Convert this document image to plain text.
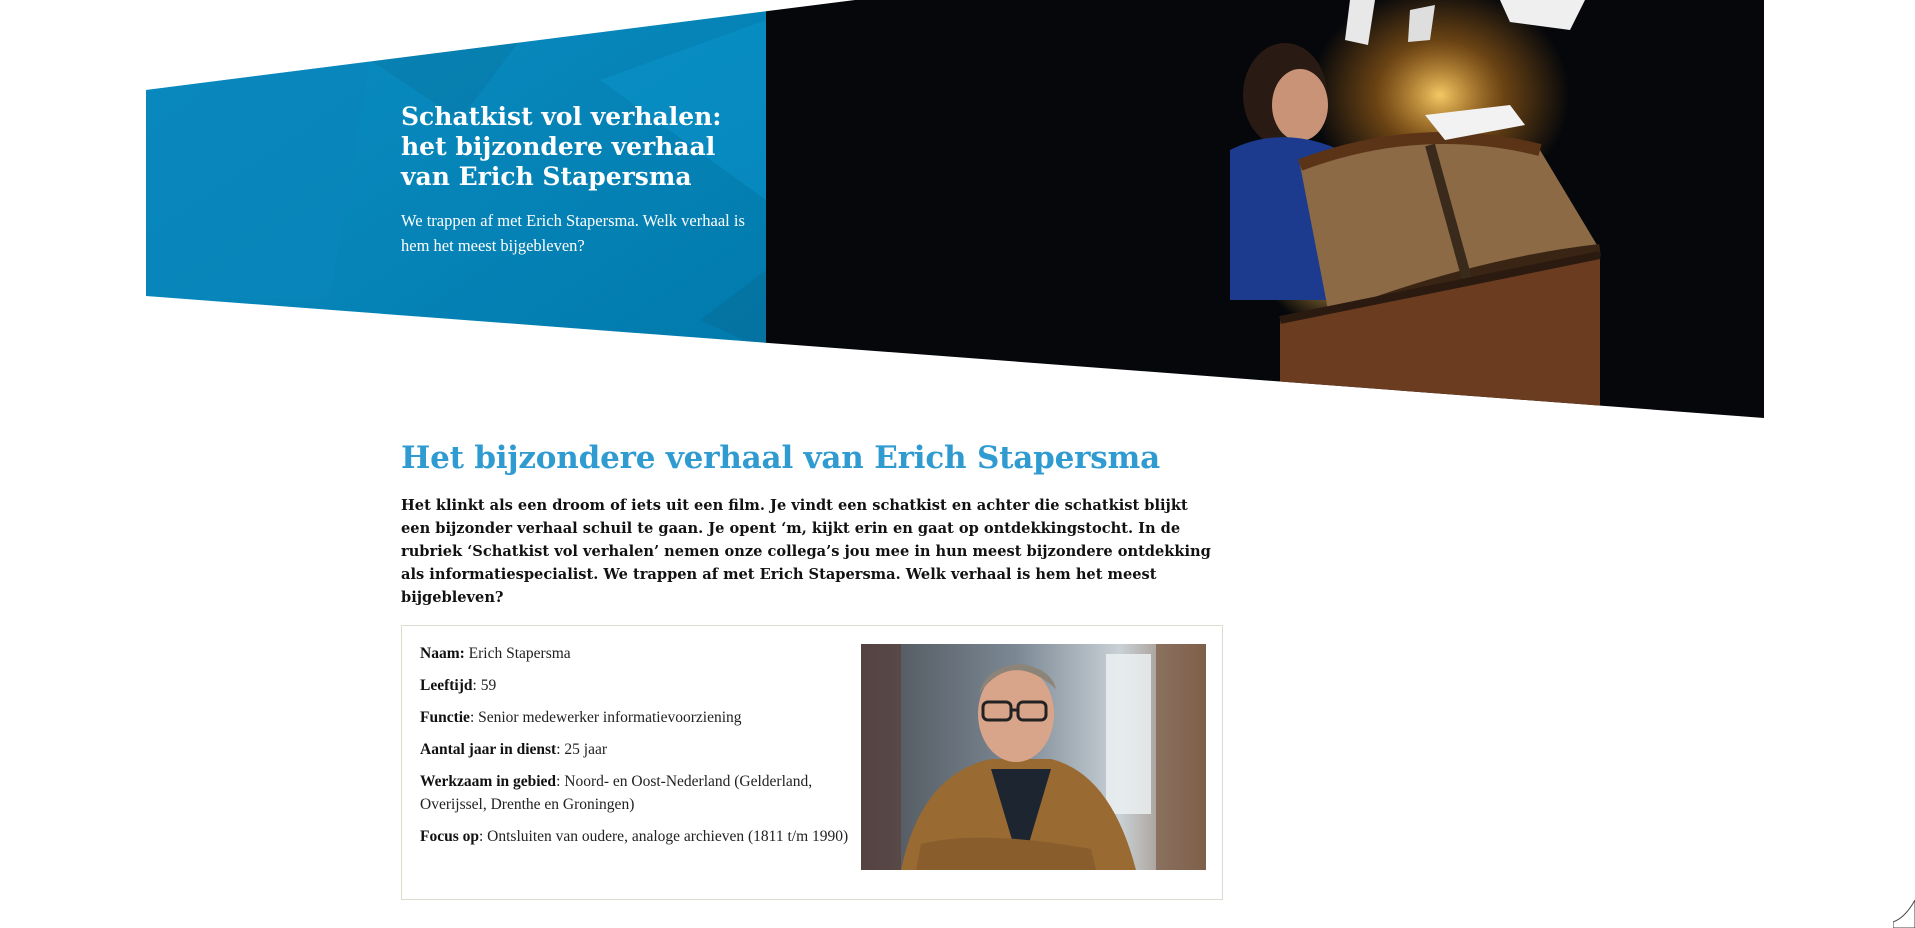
Schatkist vol verhalen: het bijzondere verhaal van Erich Stapersma

We trappen af met Erich Stapersma. Welk verhaal is hem het meest bijgebleven?

Het bijzondere verhaal van Erich Stapersma

Het klinkt als een droom of iets uit een film. Je vindt een schatkist en achter die schatkist blijkt een bijzonder verhaal schuil te gaan. Je opent ‘m, kijkt erin en gaat op ontdekkingstocht. In de rubriek ‘Schatkist vol verhalen’ nemen onze collega’s jou mee in hun meest bijzondere ontdekking als informatiespecialist. We trappen af met Erich Stapersma. Welk verhaal is hem het meest bijgebleven?

Naam: Erich Stapersma

Leeftijd: 59

Functie: Senior medewerker informatievoorziening

Aantal jaar in dienst: 25 jaar

Werkzaam in gebied: Noord- en Oost-Nederland (Gelderland, Overijssel, Drenthe en Groningen)

Focus op: Ontsluiten van oudere, analoge archieven (1811 t/m 1990)
